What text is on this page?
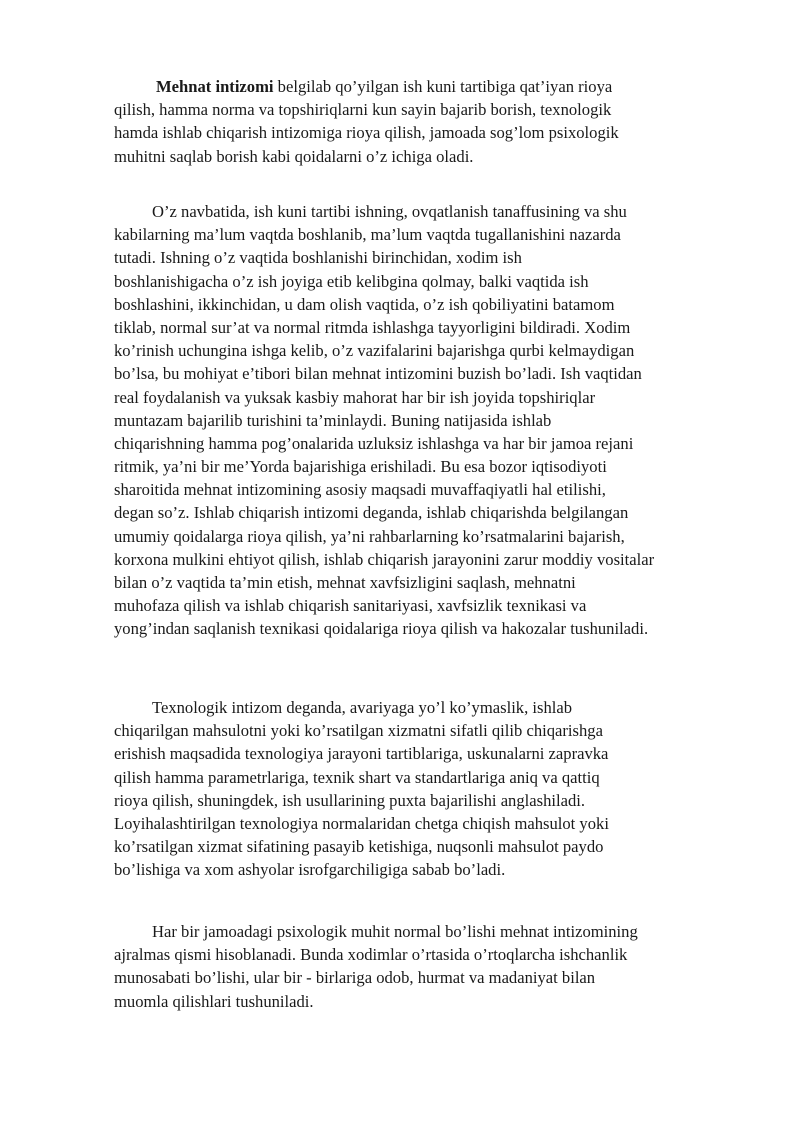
Mehnat intizomi belgilab qo’yilgan ish kuni tartibiga qat’iyan rioya
qilish, hamma norma va topshiriqlarni kun sayin bajarib borish, texnologik
hamda ishlab chiqarish intizomiga rioya qilish, jamoada sog’lom psixologik
muhitni saqlab borish kabi qoidalarni o’z ichiga oladi.
O’z navbatida, ish kuni tartibi ishning, ovqatlanish tanaffusining va shu
kabilarning ma’lum vaqtda boshlanib, ma’lum vaqtda tugallanishini nazarda
tutadi. Ishning o’z vaqtida boshlanishi birinchidan, xodim ish
boshlanishigacha o’z ish joyiga etib kelibgina qolmay, balki vaqtida ish
boshlashini, ikkinchidan, u dam olish vaqtida, o’z ish qobiliyatini batamom
tiklab, normal sur’at va normal ritmda ishlashga tayyorligini bildiradi. Xodim
ko’rinish uchungina ishga kelib, o’z vazifalarini bajarishga qurbi kelmaydigan
bo’lsa, bu mohiyat e’tibori bilan mehnat intizomini buzish bo’ladi. Ish vaqtidan
real foydalanish va yuksak kasbiy mahorat har bir ish joyida topshiriqlar
muntazam bajarilib turishini ta’minlaydi. Buning natijasida ishlab
chiqarishning hamma pog’onalarida uzluksiz ishlashga va har bir jamoa rejani
ritmik, ya’ni bir me’Yorda bajarishiga erishiladi. Bu esa bozor iqtisodiyoti
sharoitida mehnat intizomining asosiy maqsadi muvaffaqiyatli hal etilishi,
degan so’z. Ishlab chiqarish intizomi deganda, ishlab chiqarishda belgilangan
umumiy qoidalarga rioya qilish, ya’ni rahbarlarning ko’rsatmalarini bajarish,
korxona mulkini ehtiyot qilish, ishlab chiqarish jarayonini zarur moddiy vositalar
bilan o’z vaqtida ta’min etish, mehnat xavfsizligini saqlash, mehnatni
muhofaza qilish va ishlab chiqarish sanitariyasi, xavfsizlik texnikasi va
yong’indan saqlanish texnikasi qoidalariga rioya qilish va hakozalar tushuniladi.
Texnologik intizom deganda, avariyaga yo’l ko’ymaslik, ishlab
chiqarilgan mahsulotni yoki ko’rsatilgan xizmatni sifatli qilib chiqarishga
erishish maqsadida texnologiya jarayoni tartiblariga, uskunalarni zapravka
qilish hamma parametrlariga, texnik shart va standartlariga aniq va qattiq
rioya qilish, shuningdek, ish usullarining puxta bajarilishi anglashiladi.
Loyihalashtirilgan texnologiya normalaridan chetga chiqish mahsulot yoki
ko’rsatilgan xizmat sifatining pasayib ketishiga, nuqsonli mahsulot paydo
bo’lishiga va xom ashyolar isrofgarchiligiga sabab bo’ladi.
Har bir jamoadagi psixologik muhit normal bo’lishi mehnat intizomining
ajralmas qismi hisoblanadi. Bunda xodimlar o’rtasida o’rtoqlarcha ishchanlik
munosabati bo’lishi, ular bir - birlariga odob, hurmat va madaniyat bilan
muomla qilishlari tushuniladi.
